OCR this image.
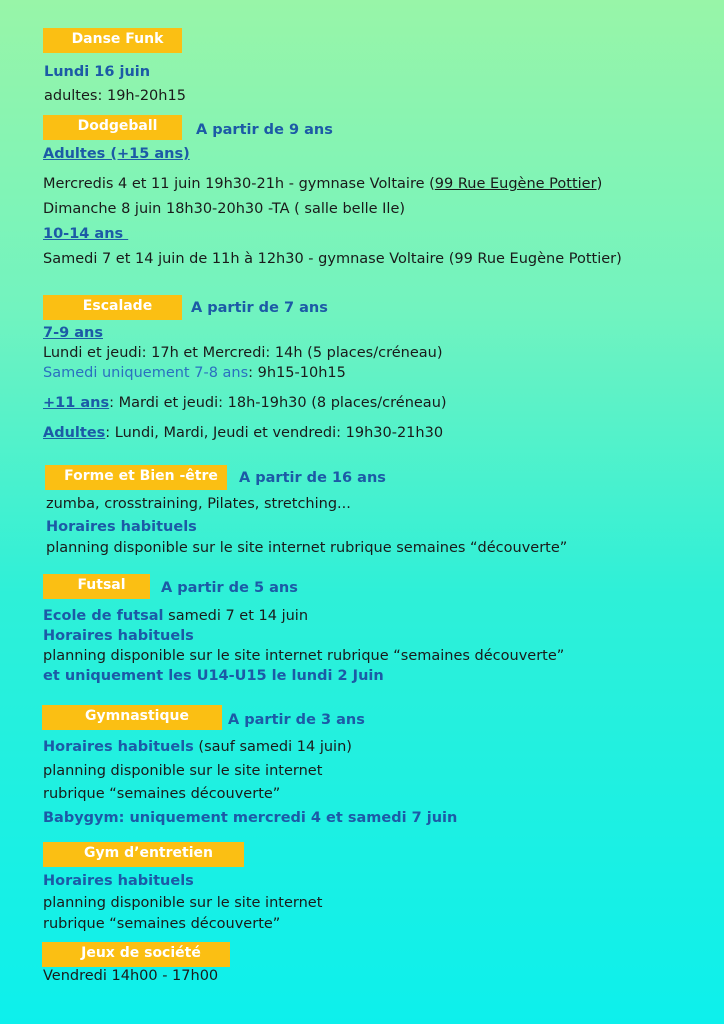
Danse Funk
Lundi 16 juin
adultes: 19h-20h15
Dodgeball	A partir de 9 ans
Adultes (+15 ans)
Mercredis 4 et 11 juin 19h30-21h - gymnase Voltaire (99 Rue Eugène Pottier)
Dimanche 8 juin 18h30-20h30 -TA ( salle belle Ile)
10-14 ans
Samedi 7 et 14 juin de 11h à 12h30 - gymnase Voltaire (99 Rue Eugène Pottier)
Escalade	A partir de 7 ans
7-9 ans
Lundi et jeudi: 17h et Mercredi: 14h (5 places/créneau)
Samedi uniquement 7-8 ans: 9h15-10h15
+11 ans: Mardi et jeudi: 18h-19h30 (8 places/créneau)
Adultes: Lundi, Mardi, Jeudi et vendredi: 19h30-21h30
Forme et Bien -être	A partir de 16 ans
zumba, crosstraining, Pilates, stretching...
Horaires habituels
planning disponible sur le site internet rubrique semaines “découverte”
Futsal	A partir de 5 ans
Ecole de futsal samedi 7 et 14 juin
Horaires habituels
planning disponible sur le site internet rubrique “semaines découverte”
et uniquement les U14-U15 le lundi 2 Juin
Gymnastique	A partir de 3 ans
Horaires habituels (sauf samedi 14 juin)
planning disponible sur le site internet
rubrique “semaines découverte”
Babygym: uniquement mercredi 4 et samedi 7 juin
Gym d’entretien
Horaires habituels
planning disponible sur le site internet
rubrique “semaines découverte”
Jeux de société
Vendredi 14h00 - 17h00
